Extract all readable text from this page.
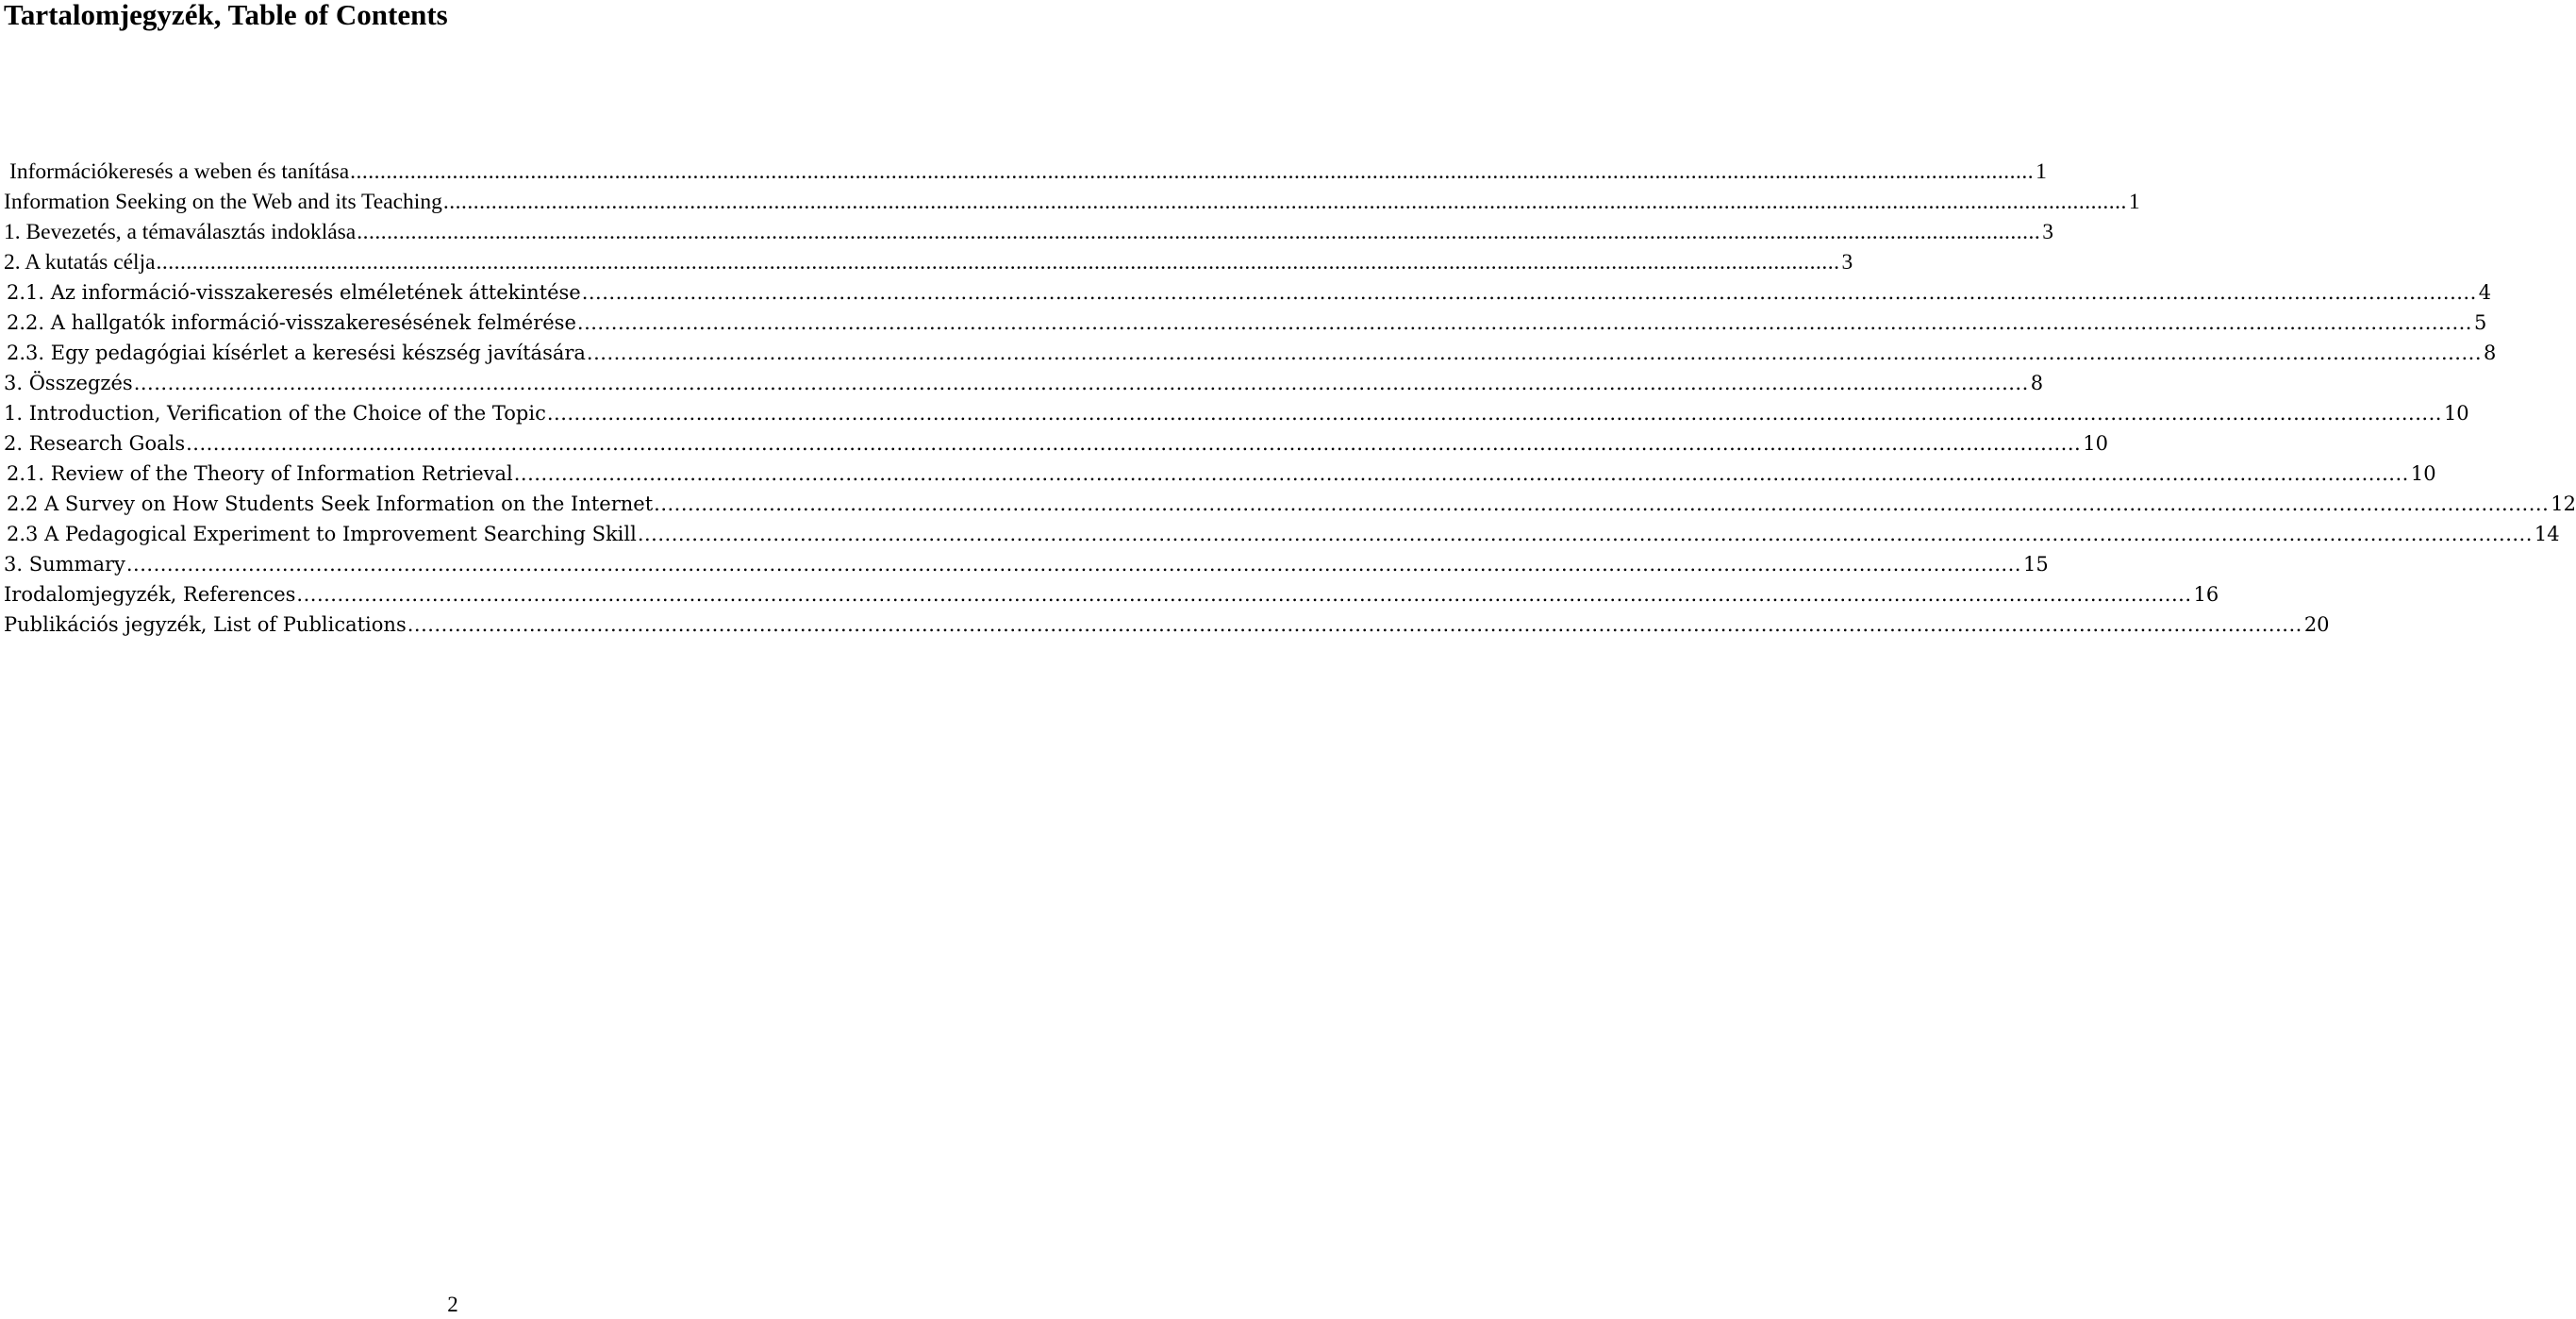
Tartalomjegyzék, Table of Contents
Információkeresés a weben és tanítása .....	1
Information Seeking on the Web and its Teaching .....	1
1. Bevezetés, a témaválasztás indoklása .....	3
2. A kutatás célja .....	3
2.1. Az információ-visszakeresés elméletének áttekintése .....	4
2.2. A hallgatók információ-visszakeresésének felmérése .....	5
2.3. Egy pedagógiai kísérlet a keresési készség javítására .....	8
3. Összegzés .....	8
1. Introduction, Verification of the Choice of the Topic .....	10
2. Research Goals .....	10
2.1. Review of the Theory of Information Retrieval .....	10
2.2 A Survey on How Students Seek Information on the Internet .....	12
2.3 A Pedagogical Experiment to Improvement Searching Skill .....	14
3. Summary .....	15
Irodalomjegyzék, References .....	16
Publikációs jegyzék, List of Publications .....	20
2
